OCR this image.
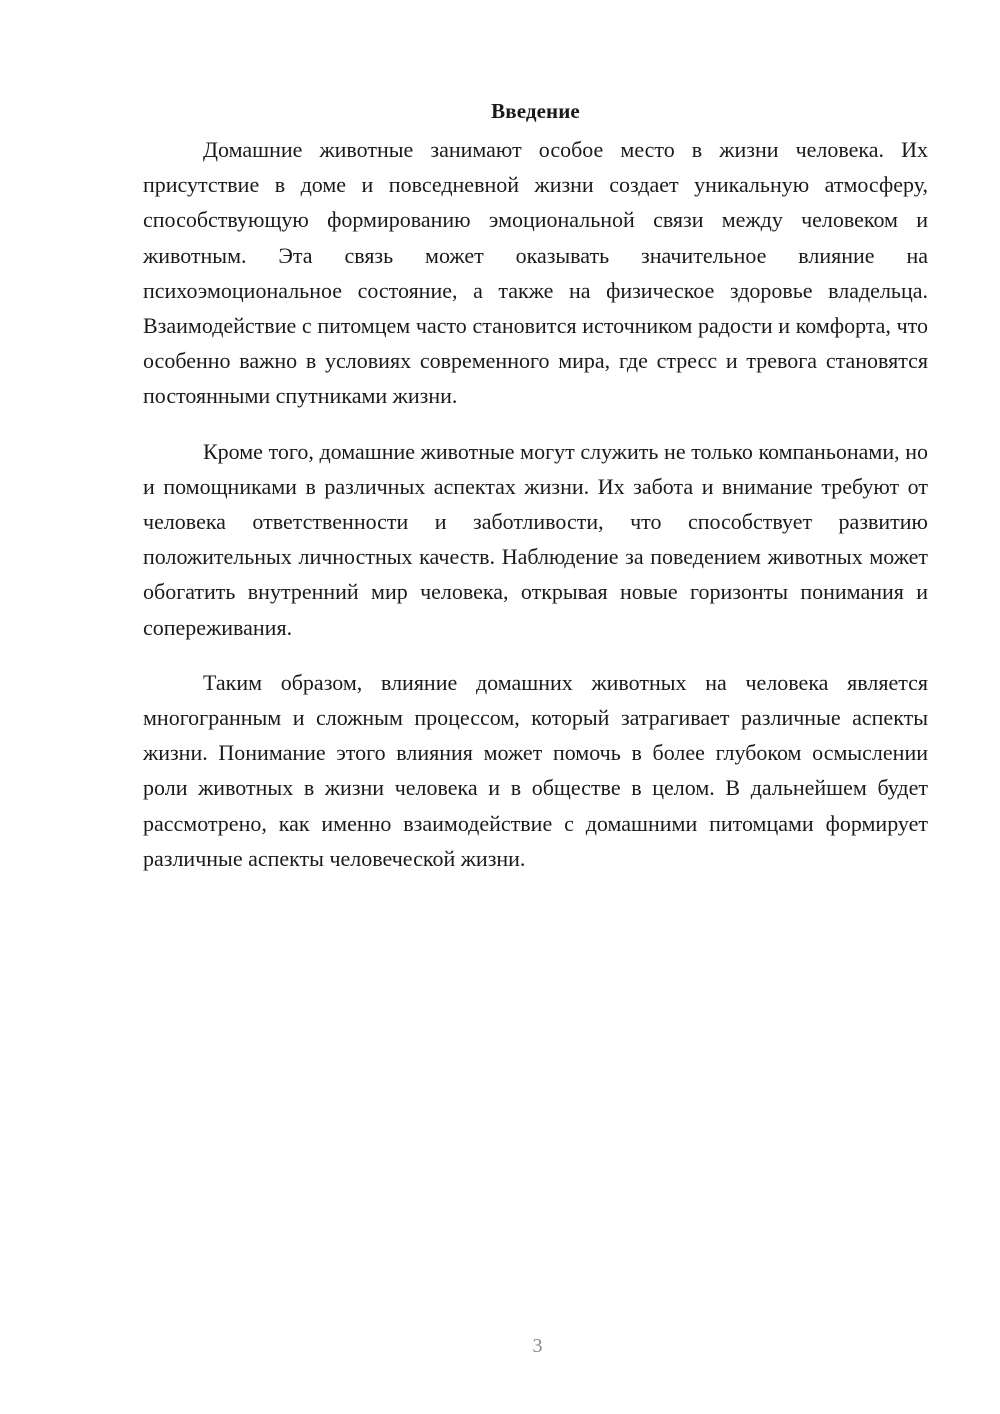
Введение

Домашние животные занимают особое место в жизни человека. Их присутствие в доме и повседневной жизни создает уникальную атмосферу, способствующую формированию эмоциональной связи между человеком и животным. Эта связь может оказывать значительное влияние на психоэмоциональное состояние, а также на физическое здоровье владельца. Взаимодействие с питомцем часто становится источником радости и комфорта, что особенно важно в условиях современного мира, где стресс и тревога становятся постоянными спутниками жизни.

Кроме того, домашние животные могут служить не только компаньонами, но и помощниками в различных аспектах жизни. Их забота и внимание требуют от человека ответственности и заботливости, что способствует развитию положительных личностных качеств. Наблюдение за поведением животных может обогатить внутренний мир человека, открывая новые горизонты понимания и сопереживания.

Таким образом, влияние домашних животных на человека является многогранным и сложным процессом, который затрагивает различные аспекты жизни. Понимание этого влияния может помочь в более глубоком осмыслении роли животных в жизни человека и в обществе в целом. В дальнейшем будет рассмотрено, как именно взаимодействие с домашними питомцами формирует различные аспекты человеческой жизни.

3
